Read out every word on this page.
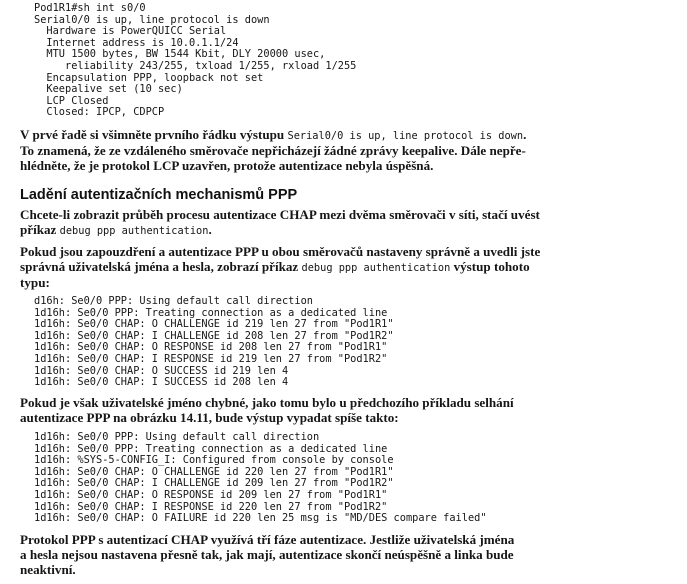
Pod1R1#sh int s0/0
Serial0/0 is up, line protocol is down
Hardware is PowerQUICC Serial
Internet address is 10.0.1.1/24
MTU 1500 bytes, BW 1544 Kbit, DLY 20000 usec,
reliability 243/255, txload 1/255, rxload 1/255
Encapsulation PPP, loopback not set
Keepalive set (10 sec)
LCP Closed
Closed: IPCP, CDPCP

V prvé řadě si všimněte prvního řádku výstupu Serial0/0 is up, line protocol is down.
To znamená, že ze vzdáleného směrovače nepřicházejí žádné zprávy keepalive. Dále nepře-
hlédněte, že je protokol LCP uzavřen, protože autentizace nebyla úspěšná.

Ladění autentizačních mechanismů PPP

Chcete-li zobrazit průběh procesu autentizace CHAP mezi dvěma směrovači v síti, stačí uvést
příkaz debug ppp authentication.

Pokud jsou zapouzdření a autentizace PPP u obou směrovačů nastaveny správně a uvedli jste
správná uživatelská jména a hesla, zobrazí příkaz debug ppp authentication výstup tohoto
typu:

d16h: Se0/0 PPP: Using default call direction
1d16h: Se0/0 PPP: Treating connection as a dedicated line
1d16h: Se0/0 CHAP: O CHALLENGE id 219 len 27 from "Pod1R1"
1d16h: Se0/0 CHAP: I CHALLENGE id 208 len 27 from "Pod1R2"
1d16h: Se0/0 CHAP: O RESPONSE id 208 len 27 from "Pod1R1"
1d16h: Se0/0 CHAP: I RESPONSE id 219 len 27 from "Pod1R2"
1d16h: Se0/0 CHAP: O SUCCESS id 219 len 4
1d16h: Se0/0 CHAP: I SUCCESS id 208 len 4

Pokud je však uživatelské jméno chybné, jako tomu bylo u předchozího příkladu selhání
autentizace PPP na obrázku 14.11, bude výstup vypadat spíše takto:

1d16h: Se0/0 PPP: Using default call direction
1d16h: Se0/0 PPP: Treating connection as a dedicated line
1d16h: %SYS-5-CONFIG_I: Configured from console by console
1d16h: Se0/0 CHAP: O CHALLENGE id 220 len 27 from "Pod1R1"
1d16h: Se0/0 CHAP: I CHALLENGE id 209 len 27 from "Pod1R2"
1d16h: Se0/0 CHAP: O RESPONSE id 209 len 27 from "Pod1R1"
1d16h: Se0/0 CHAP: I RESPONSE id 220 len 27 from "Pod1R2"
1d16h: Se0/0 CHAP: O FAILURE id 220 len 25 msg is "MD/DES compare failed"

Protokol PPP s autentizací CHAP využívá tří fáze autentizace. Jestliže uživatelská jména
a hesla nejsou nastavena přesně tak, jak mají, autentizace skončí neúspěšně a linka bude
neaktivní.
